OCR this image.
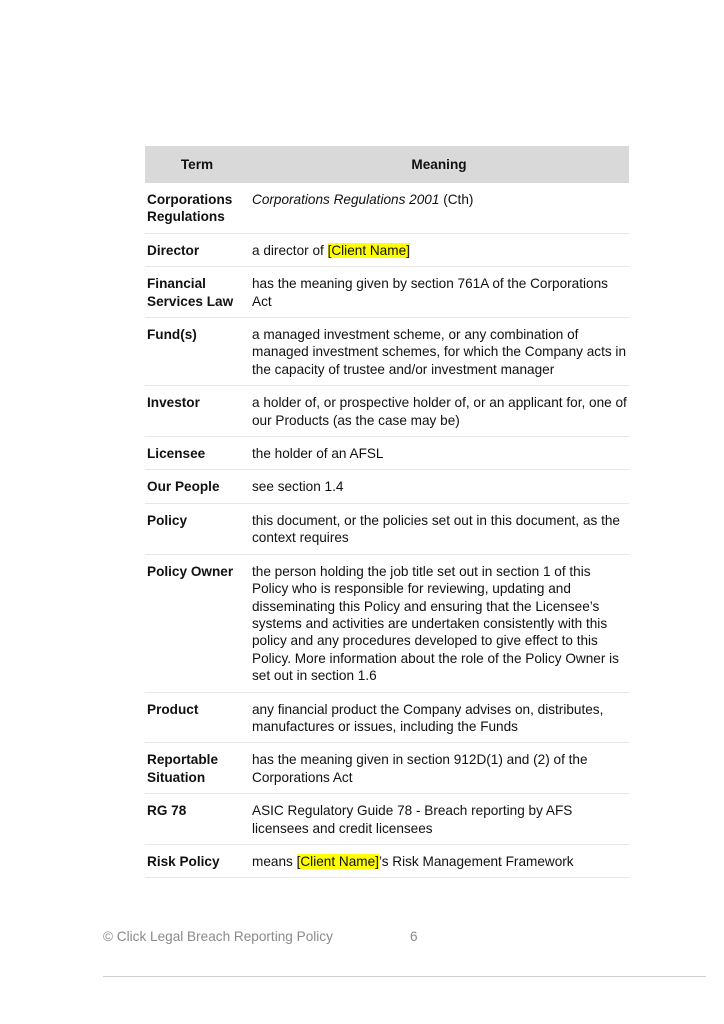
Term	Meaning
Corporations Regulations	Corporations Regulations 2001 (Cth)
Director	a director of [Client Name]
Financial Services Law	has the meaning given by section 761A of the Corporations Act
Fund(s)	a managed investment scheme, or any combination of managed investment schemes, for which the Company acts in the capacity of trustee and/or investment manager
Investor	a holder of, or prospective holder of, or an applicant for, one of our Products (as the case may be)
Licensee	the holder of an AFSL
Our People	see section 1.4
Policy	this document, or the policies set out in this document, as the context requires
Policy Owner	the person holding the job title set out in section 1 of this Policy who is responsible for reviewing, updating and disseminating this Policy and ensuring that the Licensee’s systems and activities are undertaken consistently with this policy and any procedures developed to give effect to this Policy. More information about the role of the Policy Owner is set out in section 1.6
Product	any financial product the Company advises on, distributes, manufactures or issues, including the Funds
Reportable Situation	has the meaning given in section 912D(1) and (2) of the Corporations Act
RG 78	ASIC Regulatory Guide 78 - Breach reporting by AFS licensees and credit licensees
Risk Policy	means [Client Name]’s Risk Management Framework
© Click Legal Breach Reporting Policy	6
